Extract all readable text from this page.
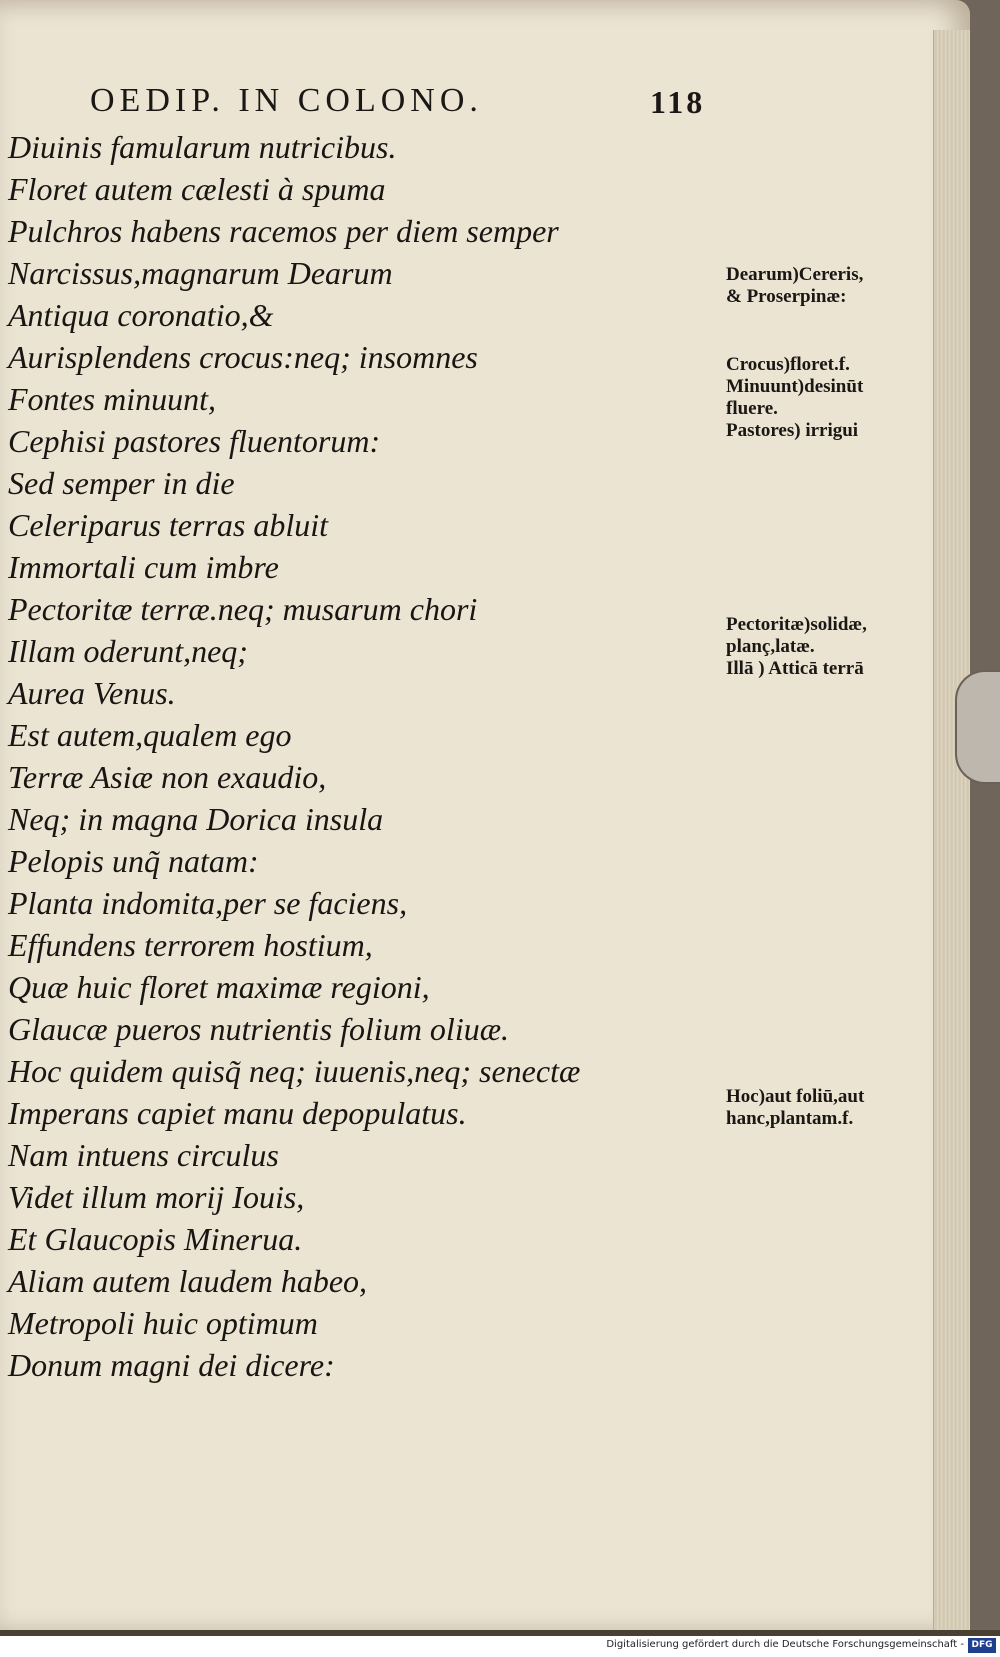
OEDIP. IN COLONO.	118
Diuinis famularum nutricibus.
Floret autem cælesti à spuma
Pulchros habens racemos per diem semper
Narcissus,magnarum Dearum
Antiqua coronatio,&
Aurisplendens crocus:neq; insomnes
Fontes minuunt,
Cephisi pastores fluentorum:
Sed semper in die
Celeriparus terras abluit
Immortali cum imbre
Pectoritæ terræ.neq; musarum chori
Illam oderunt,neq;
Aurea Venus.
Est autem,qualem ego
Terræ Asiæ non exaudio,
Neq; in magna Dorica insula
Pelopis unq̃ natam:
Planta indomita,per se faciens,
Effundens terrorem hostium,
Quæ huic floret maximæ regioni,
Glaucæ pueros nutrientis folium oliuæ.
Hoc quidem quisq̃ neq; iuuenis,neq; senectæ
Imperans capiet manu depopulatus.
Nam intuens circulus
Videt illum morij Iouis,
Et Glaucopis Minerua.
Aliam autem laudem habeo,
Metropoli huic optimum
Donum magni dei dicere:
Dearum)Cereris,
& Proserpinæ:
Crocus)floret.f.
Minuunt)desinūt
fluere.
Pastores) irrigui
Pectoritæ)solidæ,
planç,latæ.
Illā ) Atticā terrā
Hoc)aut foliū,aut
hanc,plantam.f.
Digitalisierung gefördert durch die Deutsche Forschungsgemeinschaft - DFG
